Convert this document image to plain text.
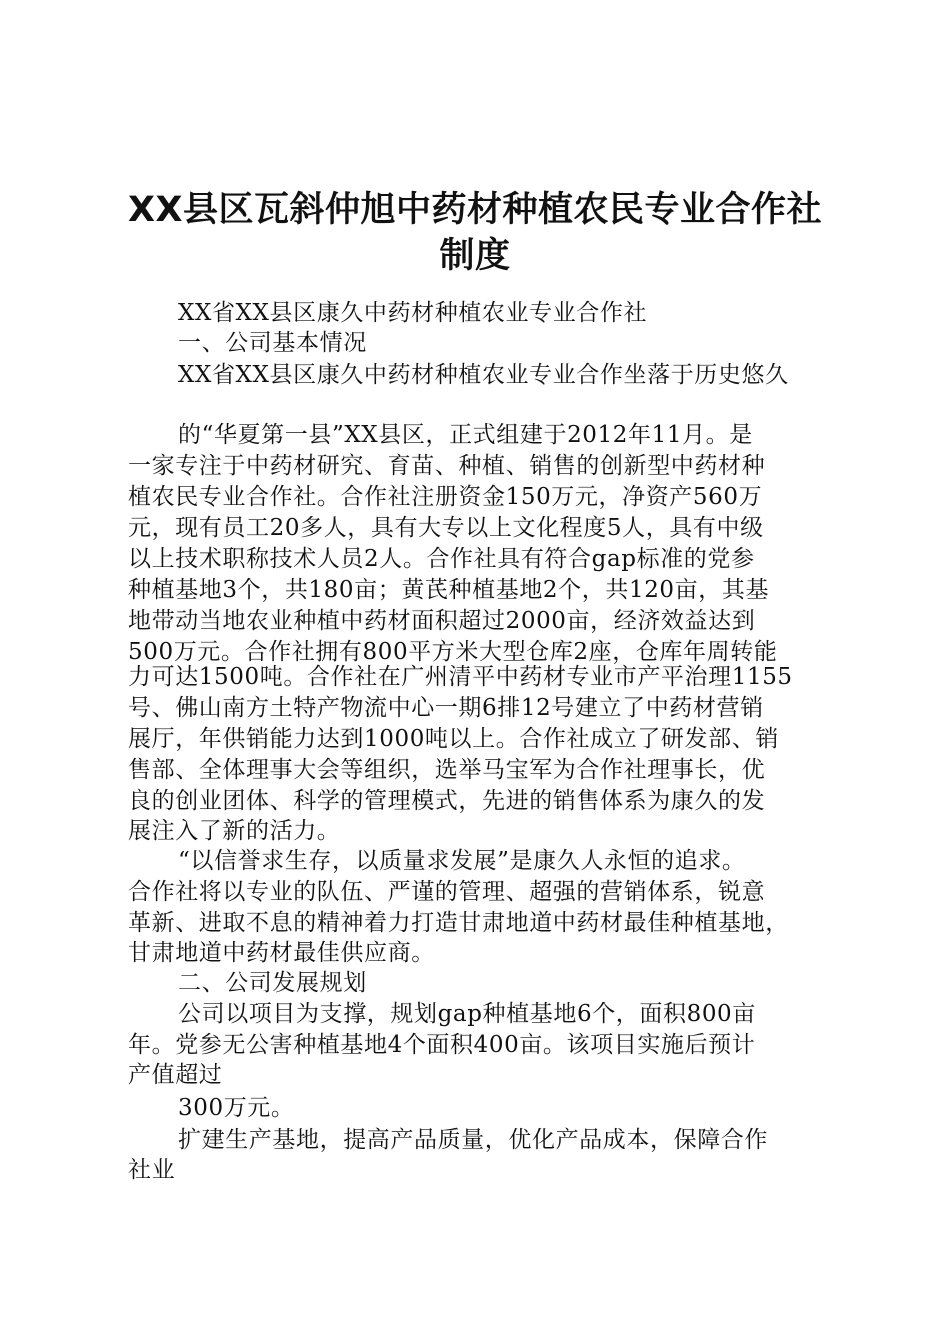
XX县区瓦斜仲旭中药材种植农民专业合作社
制度
XX省XX县区康久中药材种植农业专业合作社
一、公司基本情况
XX省XX县区康久中药材种植农业专业合作坐落于历史悠久
的“华夏第一县”XX县区，正式组建于2012年11月。是
一家专注于中药材研究、育苗、种植、销售的创新型中药材种
植农民专业合作社。合作社注册资金150万元，净资产560万
元，现有员工20多人，具有大专以上文化程度5人，具有中级
以上技术职称技术人员2人。合作社具有符合gap标准的党参
种植基地3个，共180亩；黄芪种植基地2个，共120亩，其基
地带动当地农业种植中药材面积超过2000亩，经济效益达到
500万元。合作社拥有800平方米大型仓库2座，仓库年周转能
力可达1500吨。合作社在广州清平中药材专业市产平治理1155
号、佛山南方土特产物流中心一期6排12号建立了中药材营销
展厅，年供销能力达到1000吨以上。合作社成立了研发部、销
售部、全体理事大会等组织，选举马宝军为合作社理事长，优
良的创业团体、科学的管理模式，先进的销售体系为康久的发
展注入了新的活力。
“以信誉求生存，以质量求发展”是康久人永恒的追求。
合作社将以专业的队伍、严谨的管理、超强的营销体系，锐意
革新、进取不息的精神着力打造甘肃地道中药材最佳种植基地，
甘肃地道中药材最佳供应商。
二、公司发展规划
公司以项目为支撑，规划gap种植基地6个，面积800亩
年。党参无公害种植基地4个面积400亩。该项目实施后预计
产值超过
300万元。
扩建生产基地，提高产品质量，优化产品成本，保障合作
社业
